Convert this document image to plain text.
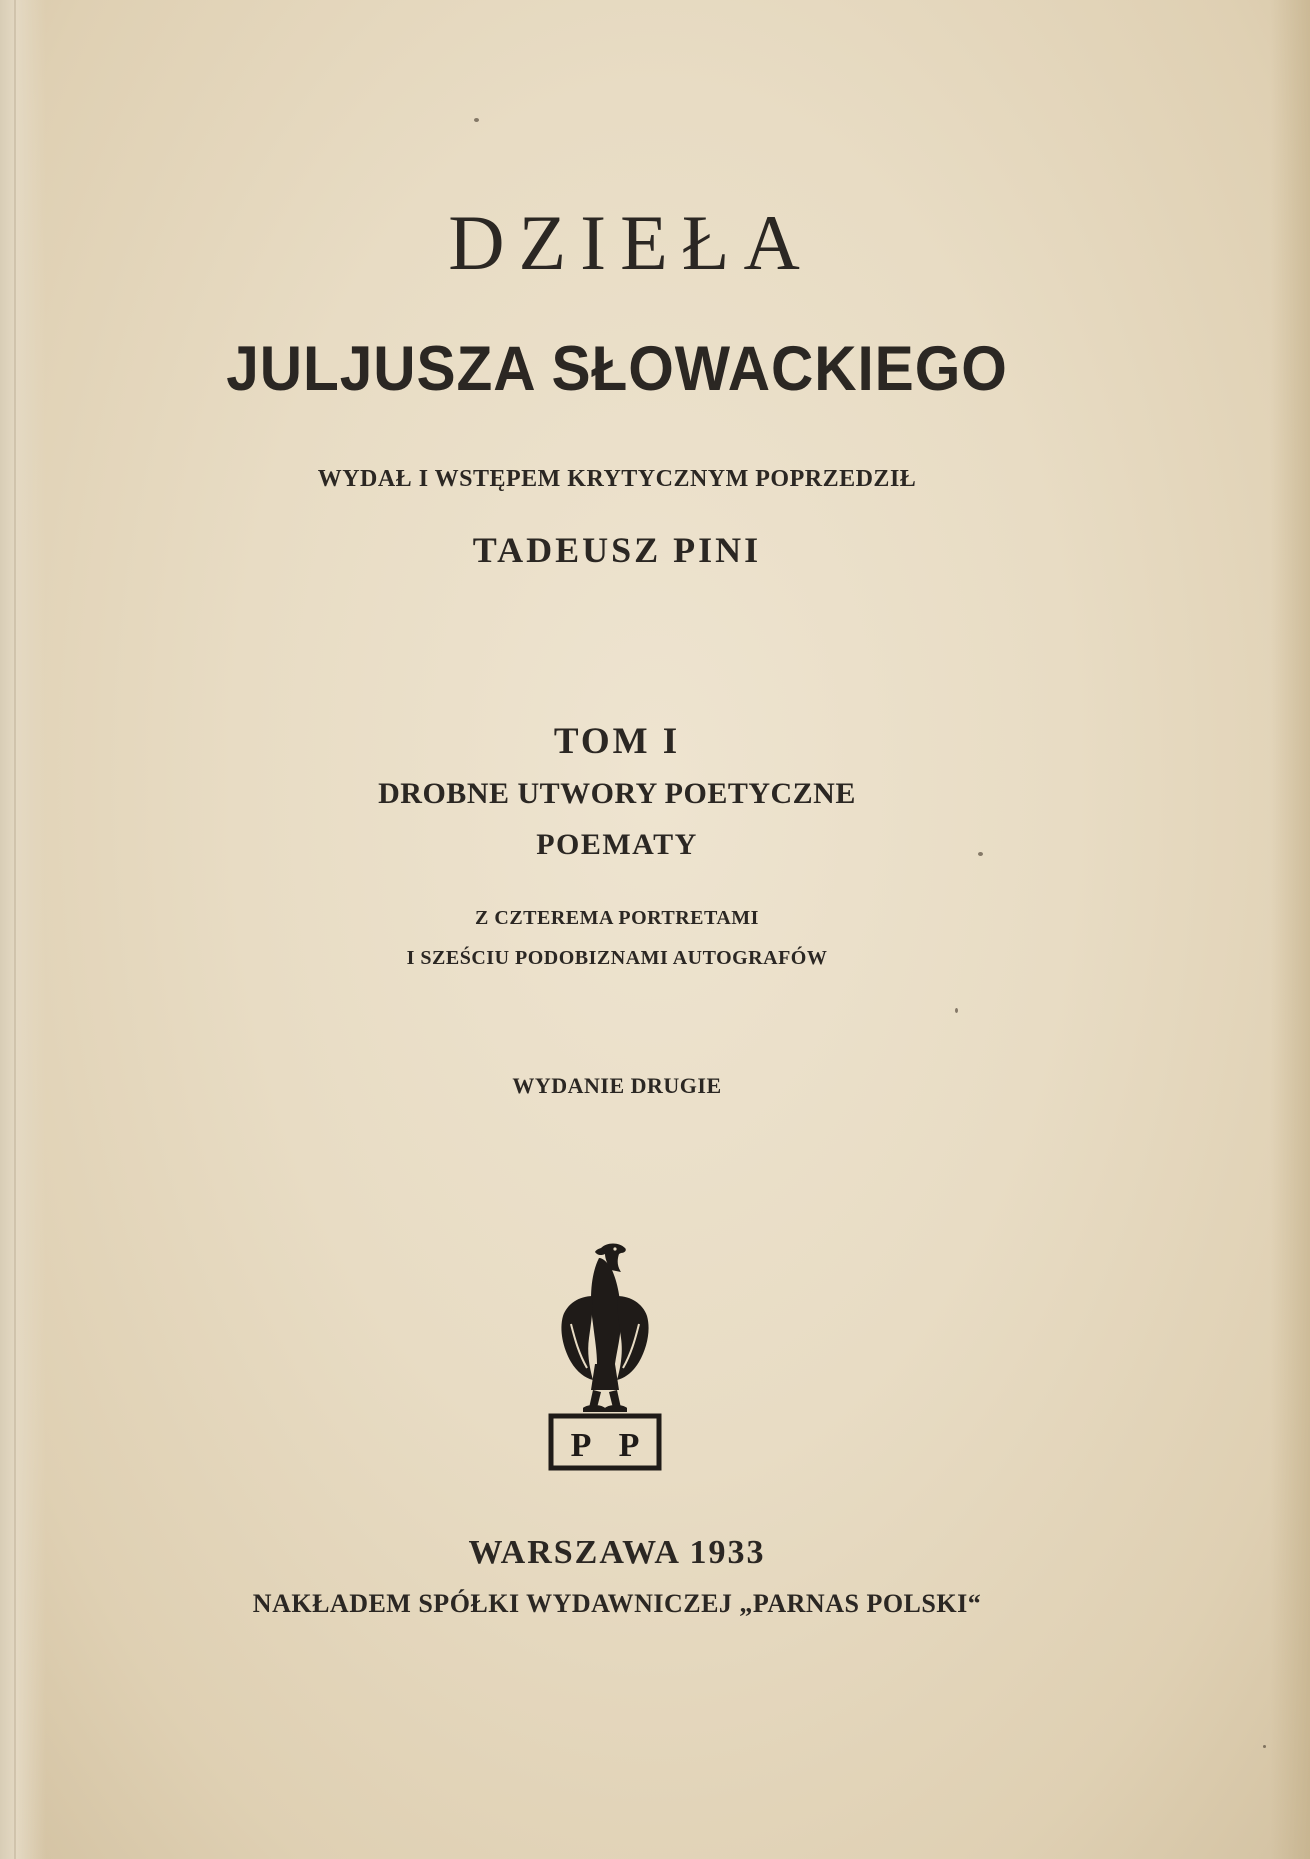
DZIEŁA
JULJUSZA SŁOWACKIEGO

WYDAŁ I WSTĘPEM KRYTYCZNYM POPRZEDZIŁ

TADEUSZ PINI

TOM I

DROBNE UTWORY POETYCZNE

POEMATY

Z CZTEREMA PORTRETAMI

I SZEŚCIU PODOBIZNAMI AUTOGRAFÓW

WYDANIE DRUGIE

P P

WARSZAWA 1933

NAKŁADEM SPÓŁKI WYDAWNICZEJ „PARNAS POLSKI“
